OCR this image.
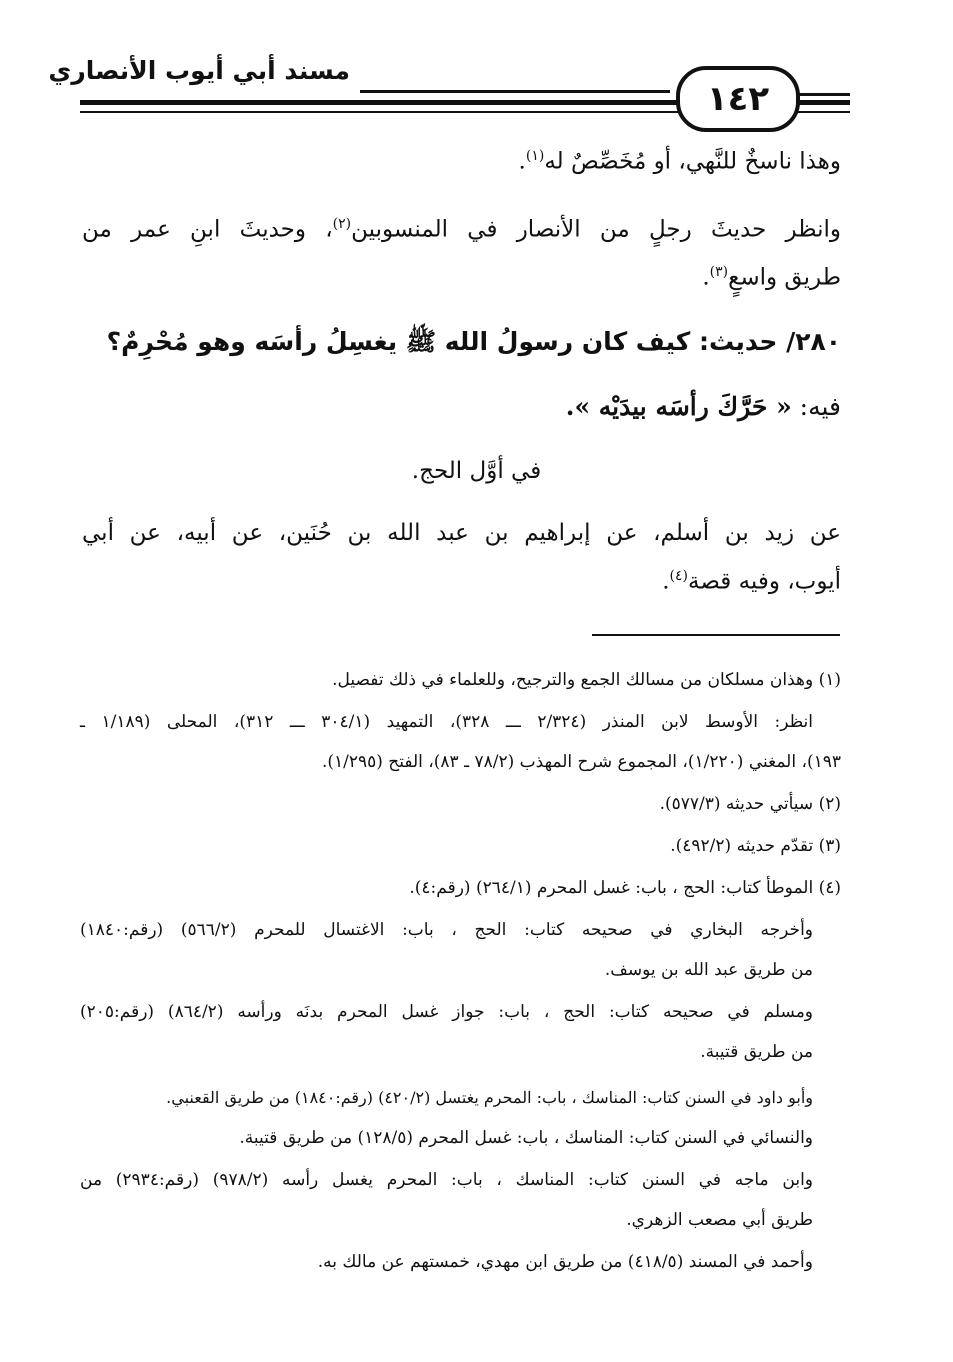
مسند أبي أيوب الأنصاري
١٤٢
وهذا ناسخٌ للنَّهي، أو مُخَصِّصٌ له$^{(١)}$.
وانظر حديثَ رجلٍ من الأنصار في المنسوبين$^{(٢)}$، وحديثَ ابنِ عمر من
طريق واسعٍ$^{(٣)}$.
٢٨٠/ حديث: كيف كان رسولُ الله ﷺ يغسِلُ رأسَه وهو مُحْرِمٌ؟
فيه: « حَرَّكَ رأسَه بيدَيْه ».
في أوَّل الحج.
عن زيد بن أسلم، عن إبراهيم بن عبد الله بن حُنَين، عن أبيه، عن أبي
أيوب، وفيه قصة$^{(٤)}$.
(١) وهذان مسلكان من مسالك الجمع والترجيح، وللعلماء في ذلك تفصيل.
انظر: الأوسط لابن المنذر (٢/٣٢٤ ـــ ٣٢٨)، التمهيد (٣٠٤/١ ـــ ٣١٢)، المحلى (١/١٨٩ ـ
١٩٣)، المغني (١/٢٢٠)، المجموع شرح المهذب (٧٨/٢ ـ ٨٣)، الفتح (١/٢٩٥).
(٢) سيأتي حديثه (٥٧٧/٣).
(٣) تقدّم حديثه (٤٩٢/٢).
(٤) الموطأ كتاب: الحج ، باب: غسل المحرم (٢٦٤/١) (رقم:٤).
وأخرجه البخاري في صحيحه كتاب: الحج ، باب: الاغتسال للمحرم (٥٦٦/٢) (رقم:١٨٤٠)
من طريق عبد الله بن يوسف.
ومسلم في صحيحه كتاب: الحج ، باب: جواز غسل المحرم بدنَه ورأسه (٨٦٤/٢) (رقم:٢٠٥)
من طريق قتيبة.
وأبو داود في السنن كتاب: المناسك ، باب: المحرم يغتسل (٤٢٠/٢) (رقم:١٨٤٠) من طريق القعنبي.
والنسائي في السنن كتاب: المناسك ، باب: غسل المحرم (١٢٨/٥) من طريق قتيبة.
وابن ماجه في السنن كتاب: المناسك ، باب: المحرم يغسل رأسه (٩٧٨/٢) (رقم:٢٩٣٤) من
طريق أبي مصعب الزهري.
وأحمد في المسند (٤١٨/٥) من طريق ابن مهدي، خمستهم عن مالك به.
